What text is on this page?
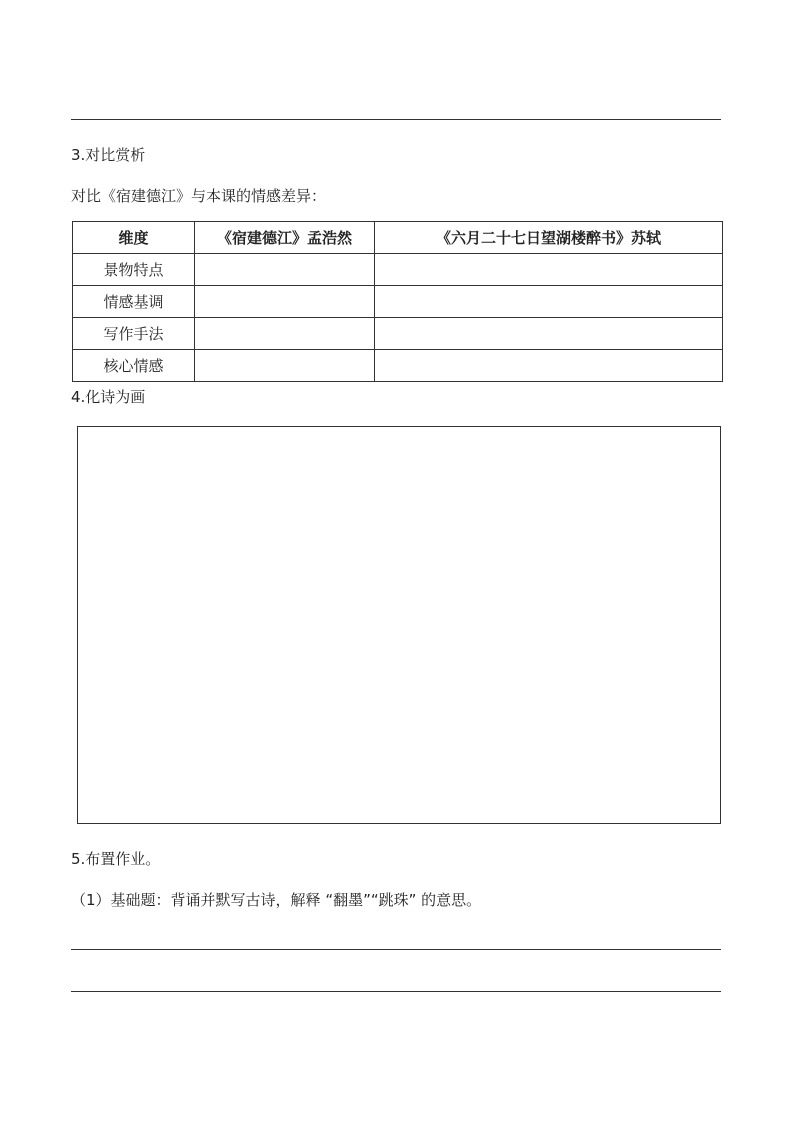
3.对比赏析
对比《宿建德江》与本课的情感差异：
维度	《宿建德江》孟浩然	《六月二十七日望湖楼醉书》苏轼
景物特点		
情感基调		
写作手法		
核心情感		
4.化诗为画
5.布置作业。
（1）基础题：背诵并默写古诗，解释 “翻墨”“跳珠” 的意思。
